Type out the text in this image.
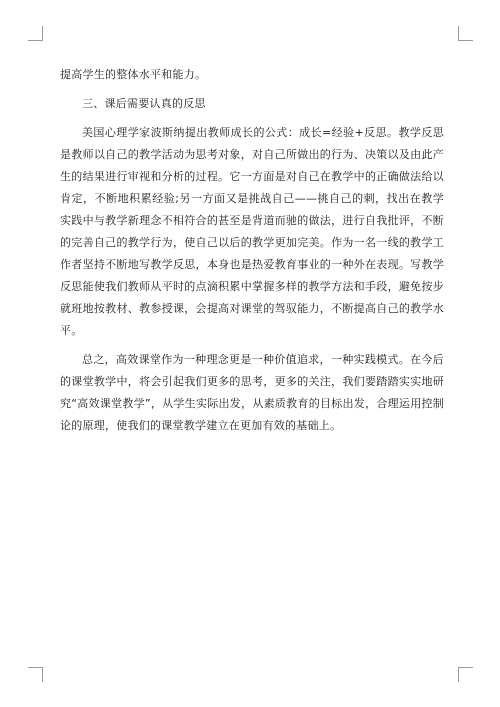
提高学生的整体水平和能力。

三、课后需要认真的反思

美国心理学家波斯纳提出教师成长的公式：成长=经验+反思。教学反思是教师以自己的教学活动为思考对象，对自己所做出的行为、决策以及由此产生的结果进行审视和分析的过程。它一方面是对自己在教学中的正确做法给以肯定，不断地积累经验;另一方面又是挑战自己——挑自己的刺，找出在教学实践中与教学新理念不相符合的甚至是背道而驰的做法，进行自我批评，不断的完善自己的教学行为，使自己以后的教学更加完美。作为一名一线的教学工作者坚持不断地写教学反思，本身也是热爱教育事业的一种外在表现。写教学反思能使我们教师从平时的点滴积累中掌握多样的教学方法和手段，避免按步就班地按教材、教参授课，会提高对课堂的驾驭能力，不断提高自己的教学水平。

总之，高效课堂作为一种理念更是一种价值追求，一种实践模式。在今后的课堂教学中，将会引起我们更多的思考，更多的关注，我们要踏踏实实地研究“高效课堂教学”，从学生实际出发，从素质教育的目标出发，合理运用控制论的原理，使我们的课堂教学建立在更加有效的基础上。
